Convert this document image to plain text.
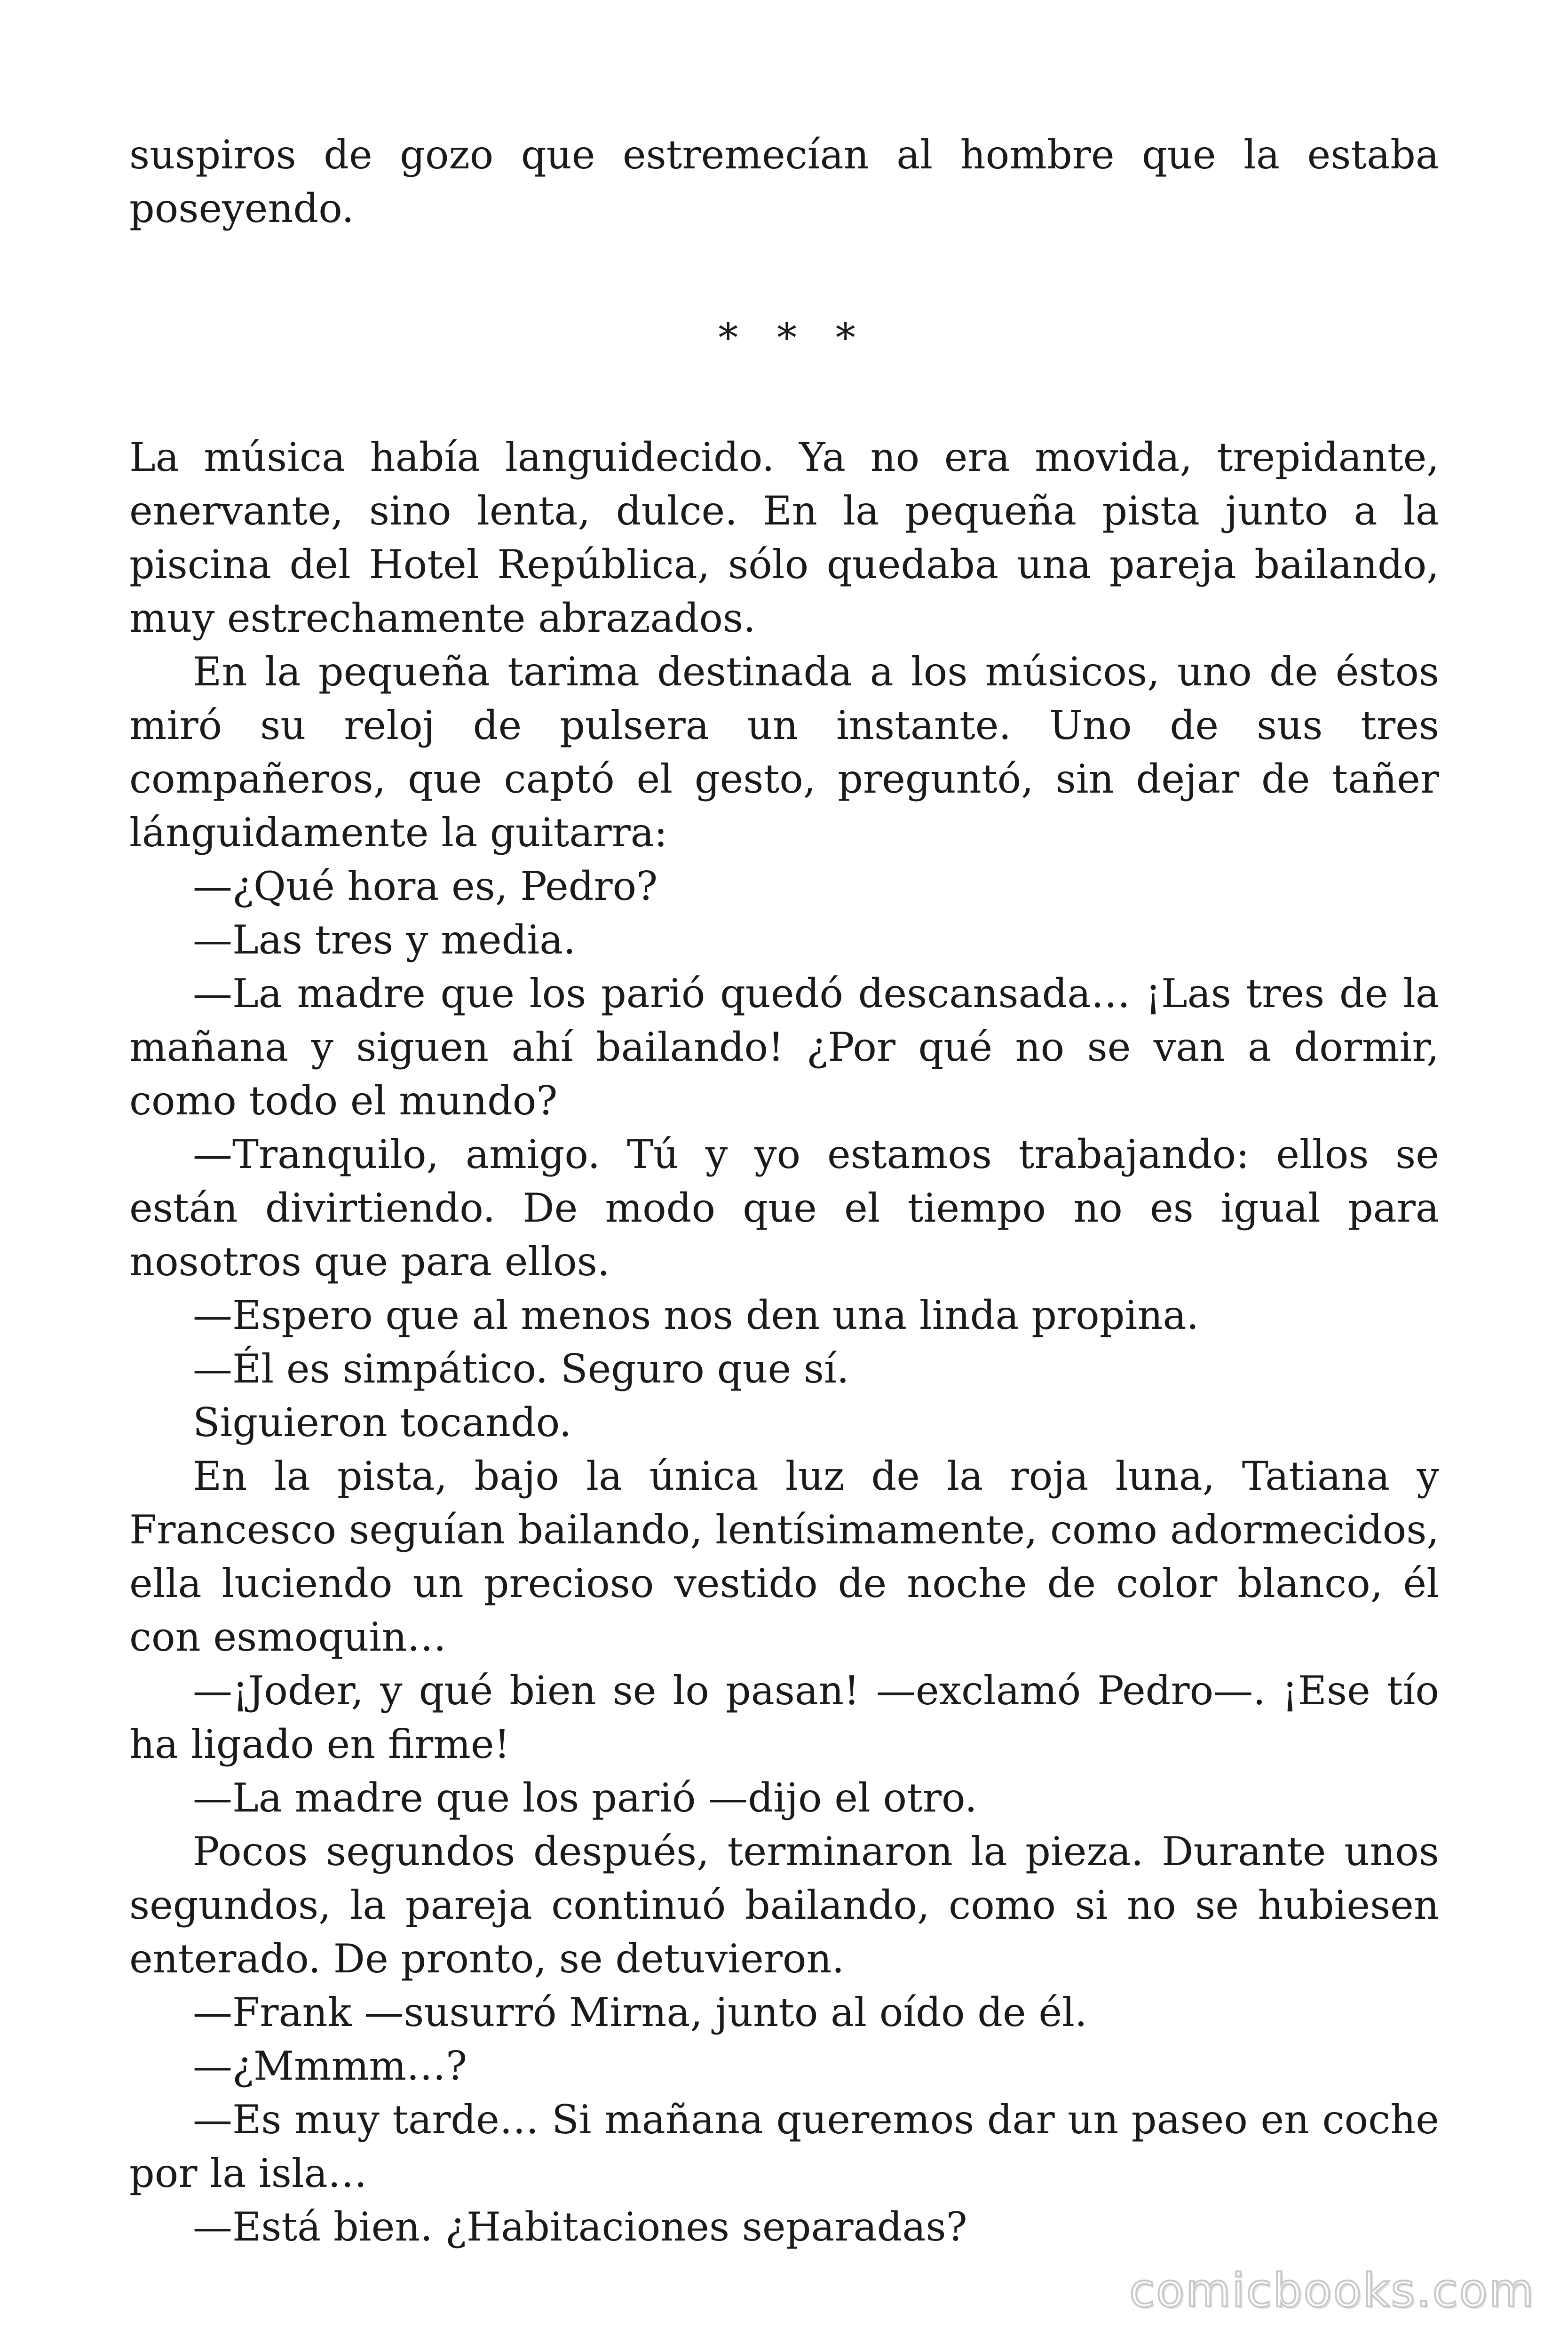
suspiros de gozo que estremecían al hombre que la estaba poseyendo.

* * *

La música había languidecido. Ya no era movida, trepidante, enervante, sino lenta, dulce. En la pequeña pista junto a la piscina del Hotel República, sólo quedaba una pareja bailando, muy estrechamente abrazados.

En la pequeña tarima destinada a los músicos, uno de éstos miró su reloj de pulsera un instante. Uno de sus tres compañeros, que captó el gesto, preguntó, sin dejar de tañer lánguidamente la guitarra:

—¿Qué hora es, Pedro?

—Las tres y media.

—La madre que los parió quedó descansada… ¡Las tres de la mañana y siguen ahí bailando! ¿Por qué no se van a dormir, como todo el mundo?

—Tranquilo, amigo. Tú y yo estamos trabajando: ellos se están divirtiendo. De modo que el tiempo no es igual para nosotros que para ellos.

—Espero que al menos nos den una linda propina.

—Él es simpático. Seguro que sí.

Siguieron tocando.

En la pista, bajo la única luz de la roja luna, Tatiana y Francesco seguían bailando, lentísimamente, como adormecidos, ella luciendo un precioso vestido de noche de color blanco, él con esmoquin…

—¡Joder, y qué bien se lo pasan! —exclamó Pedro—. ¡Ese tío ha ligado en firme!

—La madre que los parió —dijo el otro.

Pocos segundos después, terminaron la pieza. Durante unos segundos, la pareja continuó bailando, como si no se hubiesen enterado. De pronto, se detuvieron.

—Frank —susurró Mirna, junto al oído de él.

—¿Mmmm…?

—Es muy tarde… Si mañana queremos dar un paseo en coche por la isla…

—Está bien. ¿Habitaciones separadas?

comicbooks.com
